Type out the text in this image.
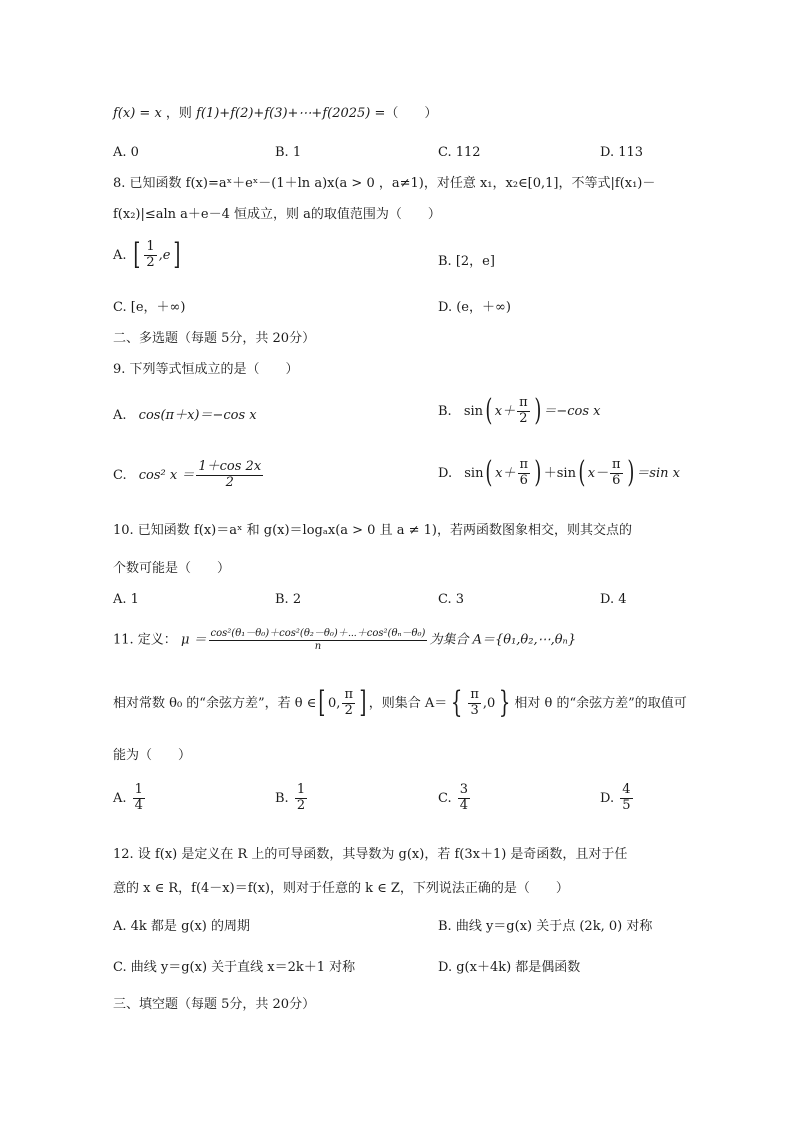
f(x) = x ，则 f(1)+f(2)+f(3)+⋯+f(2025) =（　　）
A. 0	B. 1	C. 112	D. 113
8. 已知函数 f(x)=aˣ＋eˣ－(1＋ln a)x(a > 0 ，a≠1)，对任意 x₁，x₂∈[0,1]，不等式|f(x₁)－
f(x₂)|≤aln a＋e－4 恒成立，则 a的取值范围为（　　）
A. [ $\frac{1}{2} ,e$]	B. [2，e]
C. [e，＋∞)	D. (e，＋∞)
二、多选题（每题 5分，共 20分）
9. 下列等式恒成立的是（　　）
A. cos(π＋x)＝−cos x	B. sin( $x+ \frac{\pi}{2}$ ) ＝−cos x
C. cos² $x = \frac{1+\cos 2x}{2}$	D. sin( $x+ \frac{\pi}{6}$ ) ＋sin( $x- \frac{\pi}{6}$ ) ＝sin x
10. 已知函数 f(x)＝aˣ 和 g(x)＝logₐx(a > 0 且 a ≠ 1)，若两函数图象相交，则其交点的
个数可能是（　　）
A. 1	B. 2	C. 3	D. 4
11. 定义： $\mu = \frac{\text{cos²(θ₁－θ₀)＋cos²(θ₂－θ₀)＋⋯＋cos²(θₙ－θ₀)}}{n}$ 为集合 A＝{θ₁,θ₂,⋯,θₙ}
相对常数 θ₀ 的“余弦方差”，若 θ ∈[ 0, $\frac{\pi}{2}$ ] ，则集合 A＝ { $\frac{\pi}{3} ,0$ } 相对 θ 的“余弦方差”的取值可
能为（　　）
A. $\frac{1}{4}$	B. $\frac{1}{2}$	C. $\frac{3}{4}$	D. $\frac{4}{5}$
12. 设 f(x) 是定义在 R 上的可导函数，其导数为 g(x)，若 f(3x＋1) 是奇函数，且对于任
意的 x ∈ R，f(4－x)＝f(x)，则对于任意的 k ∈ Z，下列说法正确的是（　　）
A. 4k 都是 g(x) 的周期	B. 曲线 y＝g(x) 关于点 (2k, 0) 对称
C. 曲线 y＝g(x) 关于直线 x＝2k＋1 对称	D. g(x＋4k) 都是偶函数
三、填空题（每题 5分，共 20分）
